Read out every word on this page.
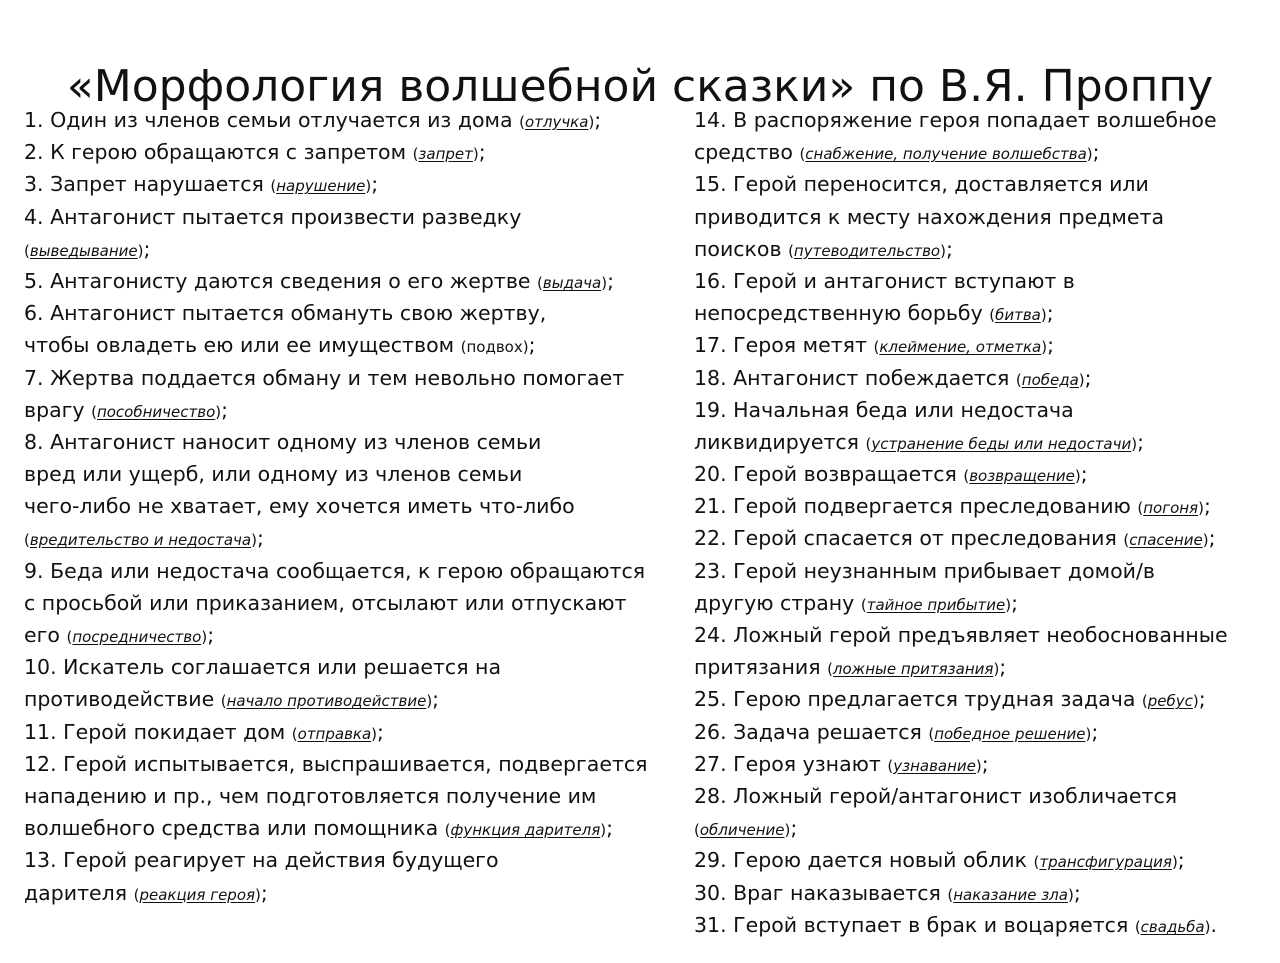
«Морфология волшебной сказки» по В.Я. Проппу
1. Один из членов семьи отлучается из дома (отлучка);
2. К герою обращаются с запретом (запрет);
3. Запрет нарушается (нарушение);
4. Антагонист пытается произвести разведку
(выведывание);
5. Антагонисту даются сведения о его жертве (выдача);
6. Антагонист пытается обмануть свою жертву,
чтобы овладеть ею или ее имуществом (подвох);
7. Жертва поддается обману и тем невольно помогает
врагу (пособничество);
8. Антагонист наносит одному из членов семьи
вред или ущерб, или одному из членов семьи
чего-либо не хватает, ему хочется иметь что-либо
(вредительство и недостача);
9. Беда или недостача сообщается, к герою обращаются
с просьбой или приказанием, отсылают или отпускают
его (посредничество);
10. Искатель соглашается или решается на
противодействие (начало противодействие);
11. Герой покидает дом (отправка);
12. Герой испытывается, выспрашивается, подвергается
нападению и пр., чем подготовляется получение им
волшебного средства или помощника (функция дарителя);
13. Герой реагирует на действия будущего
дарителя (реакция героя);
14. В распоряжение героя попадает волшебное
средство (снабжение, получение волшебства);
15. Герой переносится, доставляется или
приводится к месту нахождения предмета
поисков (путеводительство);
16. Герой и антагонист вступают в
непосредственную борьбу (битва);
17. Героя метят (клеймение, отметка);
18. Антагонист побеждается (победа);
19. Начальная беда или недостача
ликвидируется (устранение беды или недостачи);
20. Герой возвращается (возвращение);
21. Герой подвергается преследованию (погоня);
22. Герой спасается от преследования (спасение);
23. Герой неузнанным прибывает домой/в
другую страну (тайное прибытие);
24. Ложный герой предъявляет необоснованные
притязания (ложные притязания);
25. Герою предлагается трудная задача (ребус);
26. Задача решается (победное решение);
27. Героя узнают (узнавание);
28. Ложный герой/антагонист изобличается
(обличение);
29. Герою дается новый облик (трансфигурация);
30. Враг наказывается (наказание зла);
31. Герой вступает в брак и воцаряется (свадьба).
